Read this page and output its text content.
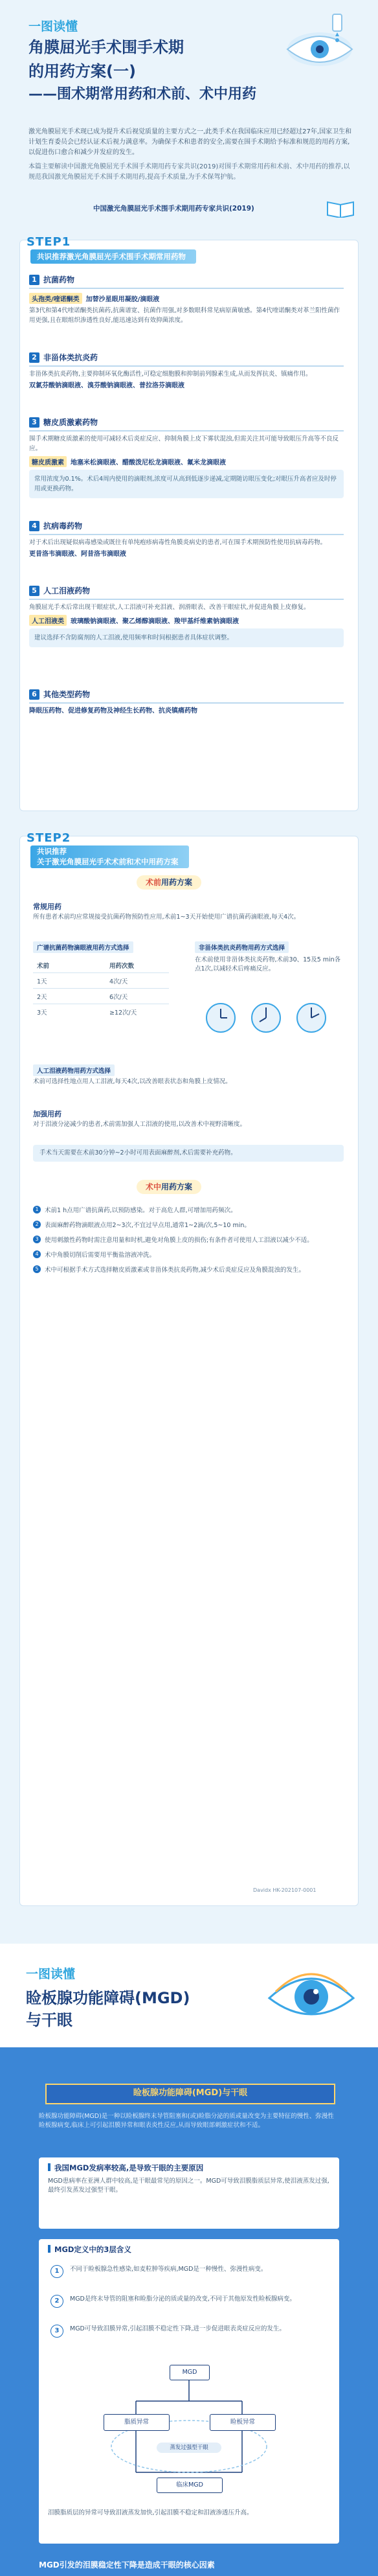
一图读懂
角膜屈光手术围手术期
的用药方案(一)
——围术期常用药和术前、术中用药

激光角膜屈光手术现已成为提升术后视觉质量的主要方式之一,此类手术在我国临床应用已经超过27年,国家卫生和计划生育委员会已经认证术后视力满意率。为确保手术和患者的安全,需要在围手术期给予标准和规范的用药方案,以促进伤口愈合和减少并发症的发生。

本篇主要解读中国激光角膜屈光手术围手术期用药专家共识(2019)对围手术期常用药和术前、术中用药的推荐,以规范我国激光角膜屈光手术围手术期用药,提高手术质量,为手术保驾护航。

中国激光角膜屈光手术围手术期用药专家共识(2019)
STEP1
共识推荐激光角膜屈光手术围手术期常用药物
1 抗菌药物
头孢类/喹诺酮类 加替沙星眼用凝胶/滴眼液
第3代和第4代喹诺酮类抗菌药,抗菌谱宽、抗菌作用强,对多数眼科常见病原菌敏感。第4代喹诺酮类对革兰阳性菌作用更强,且在眼组织渗透性良好,能迅速达到有效抑菌浓度。
2 非甾体类抗炎药
非甾体类抗炎药物,主要抑制环氧化酶活性,可稳定细胞膜和抑制前列腺素生成,从而发挥抗炎、镇痛作用。
双氯芬酸钠滴眼液、溴芬酸钠滴眼液、普拉洛芬滴眼液
3 糖皮质激素药物
围手术期糖皮质激素的使用可减轻术后炎症反应、抑制角膜上皮下雾状混浊,但需关注其可能导致眼压升高等不良反应。
糖皮质激素 地塞米松滴眼液、醋酸泼尼松龙滴眼液、氟米龙滴眼液
常用浓度为0.1%。术后4周内使用的滴眼剂,浓度可从高到低逐步递减,定期随访眼压变化;对眼压升高者应及时停用或更换药物。
4 抗病毒药物
对于术后出现疑似病毒感染或既往有单纯疱疹病毒性角膜炎病史的患者,可在围手术期预防性使用抗病毒药物。
更昔洛韦滴眼液、阿昔洛韦滴眼液
5 人工泪液药物
角膜屈光手术后常出现干眼症状,人工泪液可补充泪液、润滑眼表、改善干眼症状,并促进角膜上皮修复。
人工泪液类 玻璃酸钠滴眼液、聚乙烯醇滴眼液、羧甲基纤维素钠滴眼液
建议选择不含防腐剂的人工泪液,使用频率和时间根据患者具体症状调整。
6 其他类型药物
降眼压药物、促进修复药物及神经生长药物、抗炎镇痛药物
STEP2
共识推荐
关于激光角膜屈光手术术前和术中用药方案
术前用药方案
常规用药
所有患者术前均应常规接受抗菌药物预防性应用,术前1~3天开始使用广谱抗菌药滴眼液,每天4次。
广谱抗菌药物滴眼液用药方式选择
术前	用药次数
1天	4次/天
2天	6次/天
3天	≥12次/天
非甾体类抗炎药物用药方式选择
在术前使用非甾体类抗炎药物,术前30、15及5 min各点1次,以减轻术后疼痛反应。
人工泪液药物用药方式选择
术前可选择性地点用人工泪液,每天4次,以改善眼表状态和角膜上皮情况。
加强用药
对于泪液分泌减少的患者,术前需加强人工泪液的使用,以改善术中视野清晰度。
手术当天需要在术前30分钟~2小时可用表面麻醉剂,术后需要补充药物。
术中用药方案
1 术前1 h点用广谱抗菌药,以预防感染。对于高危人群,可增加用药频次。
2 表面麻醉药物滴眼液点用2~3次,不宜过早点用,通常1~2滴/次,5~10 min。
3 使用刺激性药物时需注意用量和时机,避免对角膜上皮的损伤;有条件者可使用人工泪液以减少不适。
4 术中角膜切削后需要用平衡盐溶液冲洗。
5 术中可根据手术方式选择糖皮质激素或非甾体类抗炎药物,减少术后炎症反应及角膜混浊的发生。
Davidx HK-202107-0001
一图读懂
睑板腺功能障碍(MGD)
与干眼
睑板腺功能障碍(MGD)与干眼
睑板腺功能障碍(MGD)是一种以睑板腺终末导管阻塞和(或)睑脂分泌的质或量改变为主要特征的慢性、弥漫性睑板腺病变,临床上可引起泪膜异常和眼表炎性反应,从而导致眼部刺激症状和不适。
我国MGD发病率较高,是导致干眼的主要原因
MGD患病率在亚洲人群中较高,是干眼最常见的原因之一。MGD可导致泪膜脂质层异常,使泪液蒸发过强,最终引发蒸发过强型干眼。
MGD定义中的3层含义
1	不同于睑板腺急性感染,如麦粒肿等疾病,MGD是一种慢性、弥漫性病变。
2	MGD是终末导管的阻塞和睑脂分泌的质或量的改变,不同于其他原发性睑板腺病变。
3	MGD可导致泪膜异常,引起泪膜不稳定性下降,进一步促进眼表炎症反应的发生。
MGD
脂质异常	睑板异常
蒸发过强型干眼
临床MGD
泪膜脂质层的异常可导致泪液蒸发加快,引起泪膜不稳定和泪液渗透压升高。
MGD引发的泪膜稳定性下降是造成干眼的核心因素
